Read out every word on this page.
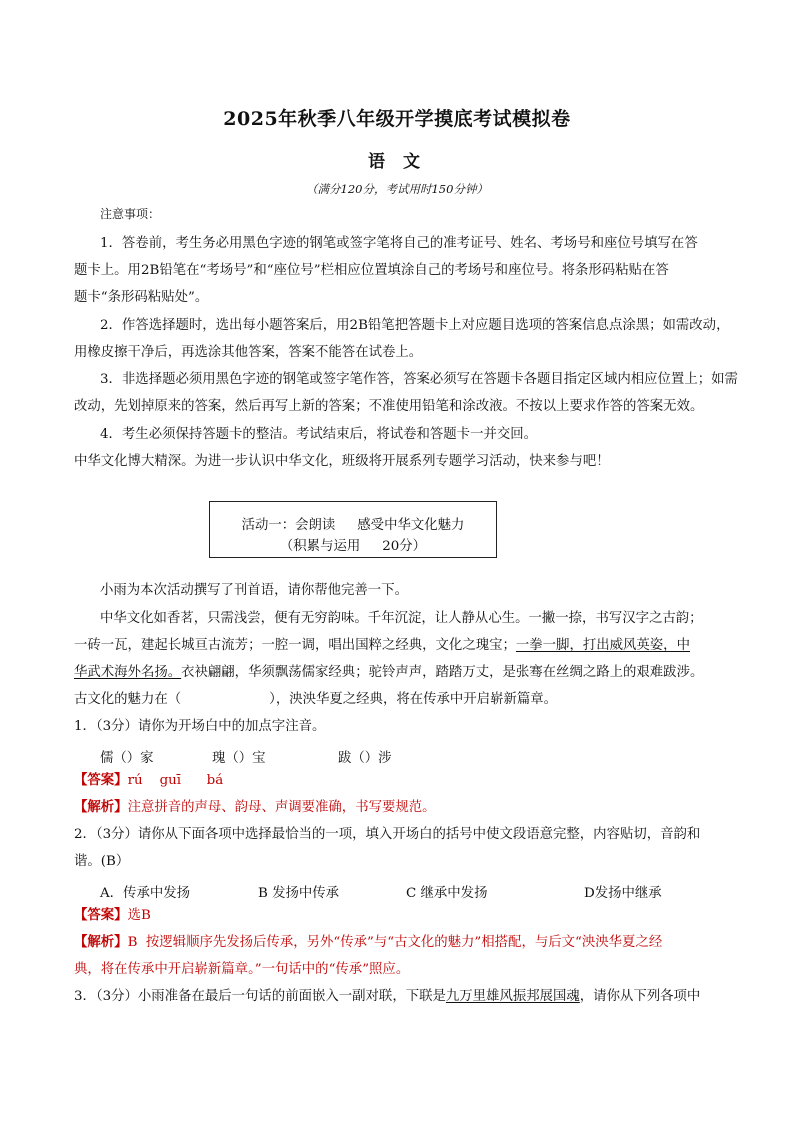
2025年秋季八年级开学摸底考试模拟卷
语文
（满分120分，考试用时150分钟）
注意事项：
1．答卷前，考生务必用黑色字迹的钢笔或签字笔将自己的准考证号、姓名、考场号和座位号填写在答
题卡上。用2B铅笔在“考场号”和“座位号”栏相应位置填涂自己的考场号和座位号。将条形码粘贴在答
题卡“条形码粘贴处”。
2．作答选择题时，选出每小题答案后，用2B铅笔把答题卡上对应题目选项的答案信息点涂黑；如需改动，
用橡皮擦干净后，再选涂其他答案，答案不能答在试卷上。
3．非选择题必须用黑色字迹的钢笔或签字笔作答，答案必须写在答题卡各题目指定区域内相应位置上；如需
改动，先划掉原来的答案，然后再写上新的答案；不准使用铅笔和涂改液。不按以上要求作答的答案无效。
4．考生必须保持答题卡的整洁。考试结束后，将试卷和答题卡一并交回。
中华文化博大精深。为进一步认识中华文化，班级将开展系列专题学习活动，快来参与吧！
活动一：会朗读 感受中华文化魅力
（积累与运用 20分）
小雨为本次活动撰写了刊首语，请你帮他完善一下。
中华文化如香茗，只需浅尝，便有无穷韵味。千年沉淀，让人静从心生。一撇一捺，书写汉字之古韵；
一砖一瓦，建起长城亘古流芳；一腔一调，唱出国粹之经典，文化之瑰宝；一拳一脚，打出威风英姿，中
华武术海外名扬。衣袂翩翩，华须飘荡儒家经典；驼铃声声，踏踏万丈，是张骞在丝绸之路上的艰难跋涉。
古文化的魅力在（	），泱泱华夏之经典，将在传承中开启崭新篇章。
1．（3分）请你为开场白中的加点字注音。
儒（）家	瑰（）宝	跋（）涉
【答案】rú    guī      bá
【解析】注意拼音的声母、韵母、声调要准确，书写要规范。
2．（3分）请你从下面各项中选择最恰当的一项，填入开场白的括号中使文段语意完整，内容贴切，音韵和
谐。(B）
A．传承中发扬	B 发扬中传承	C 继承中发扬	D发扬中继承
【答案】选B
【解析】B  按逻辑顺序先发扬后传承，另外“传承”与“古文化的魅力”相搭配，与后文“泱泱华夏之经
典，将在传承中开启崭新篇章。”一句话中的“传承”照应。
3．（3分）小雨准备在最后一句话的前面嵌入一副对联，下联是九万里雄风振邦展国魂，请你从下列各项中
